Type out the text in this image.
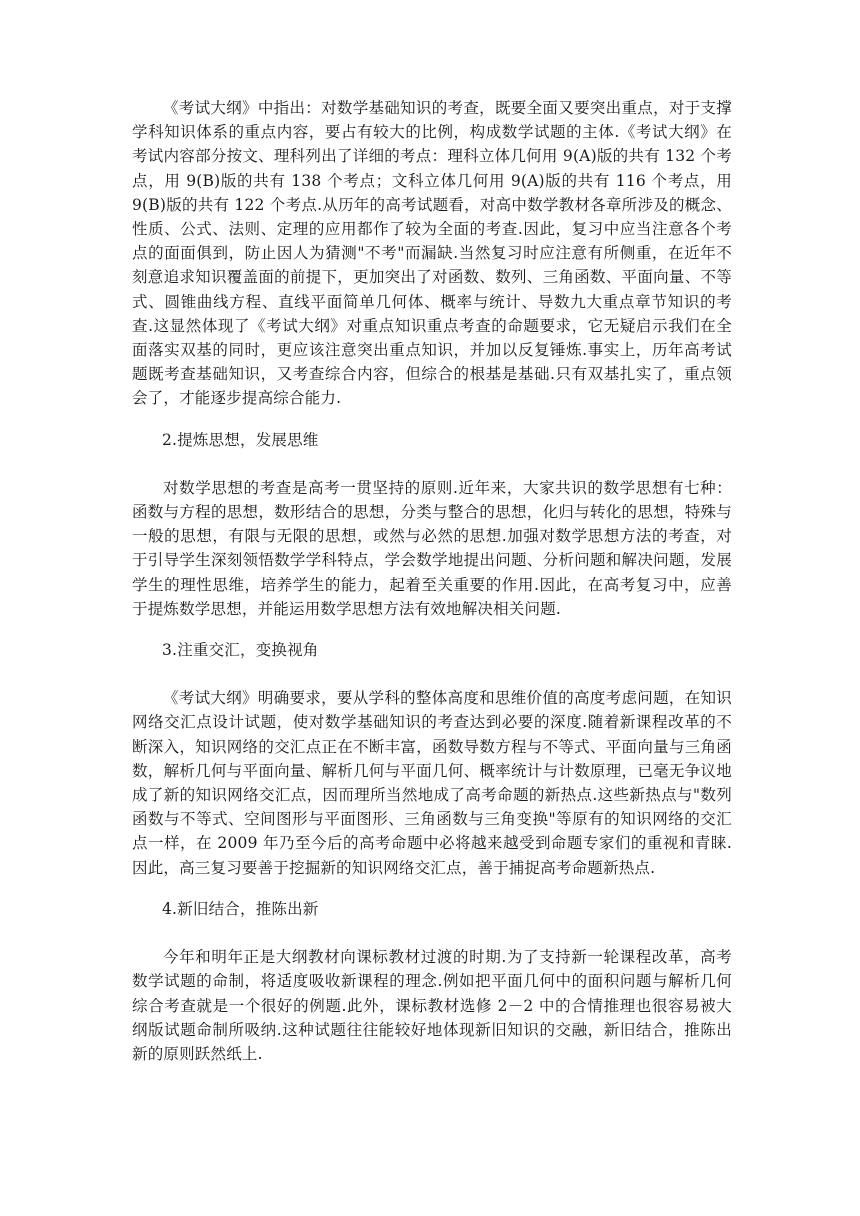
《考试大纲》中指出：对数学基础知识的考查，既要全面又要突出重点，对于支撑学科知识体系的重点内容，要占有较大的比例，构成数学试题的主体.《考试大纲》在考试内容部分按文、理科列出了详细的考点：理科立体几何用 9(A)版的共有 132 个考点，用 9(B)版的共有 138 个考点；文科立体几何用 9(A)版的共有 116 个考点，用 9(B)版的共有 122 个考点.从历年的高考试题看，对高中数学教材各章所涉及的概念、性质、公式、法则、定理的应用都作了较为全面的考查.因此，复习中应当注意各个考点的面面俱到，防止因人为猜测"不考"而漏缺.当然复习时应注意有所侧重，在近年不刻意追求知识覆盖面的前提下，更加突出了对函数、数列、三角函数、平面向量、不等式、圆锥曲线方程、直线平面简单几何体、概率与统计、导数九大重点章节知识的考查.这显然体现了《考试大纲》对重点知识重点考查的命题要求，它无疑启示我们在全面落实双基的同时，更应该注意突出重点知识，并加以反复锤炼.事实上，历年高考试题既考查基础知识，又考查综合内容，但综合的根基是基础.只有双基扎实了，重点领会了，才能逐步提高综合能力.

2.提炼思想，发展思维

对数学思想的考查是高考一贯坚持的原则.近年来，大家共识的数学思想有七种：函数与方程的思想，数形结合的思想，分类与整合的思想，化归与转化的思想，特殊与一般的思想，有限与无限的思想，或然与必然的思想.加强对数学思想方法的考查，对于引导学生深刻领悟数学学科特点，学会数学地提出问题、分析问题和解决问题，发展学生的理性思维，培养学生的能力，起着至关重要的作用.因此，在高考复习中，应善于提炼数学思想，并能运用数学思想方法有效地解决相关问题.

3.注重交汇，变换视角

《考试大纲》明确要求，要从学科的整体高度和思维价值的高度考虑问题，在知识网络交汇点设计试题，使对数学基础知识的考查达到必要的深度.随着新课程改革的不断深入，知识网络的交汇点正在不断丰富，函数导数方程与不等式、平面向量与三角函数，解析几何与平面向量、解析几何与平面几何、概率统计与计数原理，已毫无争议地成了新的知识网络交汇点，因而理所当然地成了高考命题的新热点.这些新热点与"数列函数与不等式、空间图形与平面图形、三角函数与三角变换"等原有的知识网络的交汇点一样，在 2009 年乃至今后的高考命题中必将越来越受到命题专家们的重视和青睐.因此，高三复习要善于挖掘新的知识网络交汇点，善于捕捉高考命题新热点.

4.新旧结合，推陈出新

今年和明年正是大纲教材向课标教材过渡的时期.为了支持新一轮课程改革，高考数学试题的命制，将适度吸收新课程的理念.例如把平面几何中的面积问题与解析几何综合考查就是一个很好的例题.此外，课标教材选修 2－2 中的合情推理也很容易被大纲版试题命制所吸纳.这种试题往往能较好地体现新旧知识的交融，新旧结合，推陈出新的原则跃然纸上.
